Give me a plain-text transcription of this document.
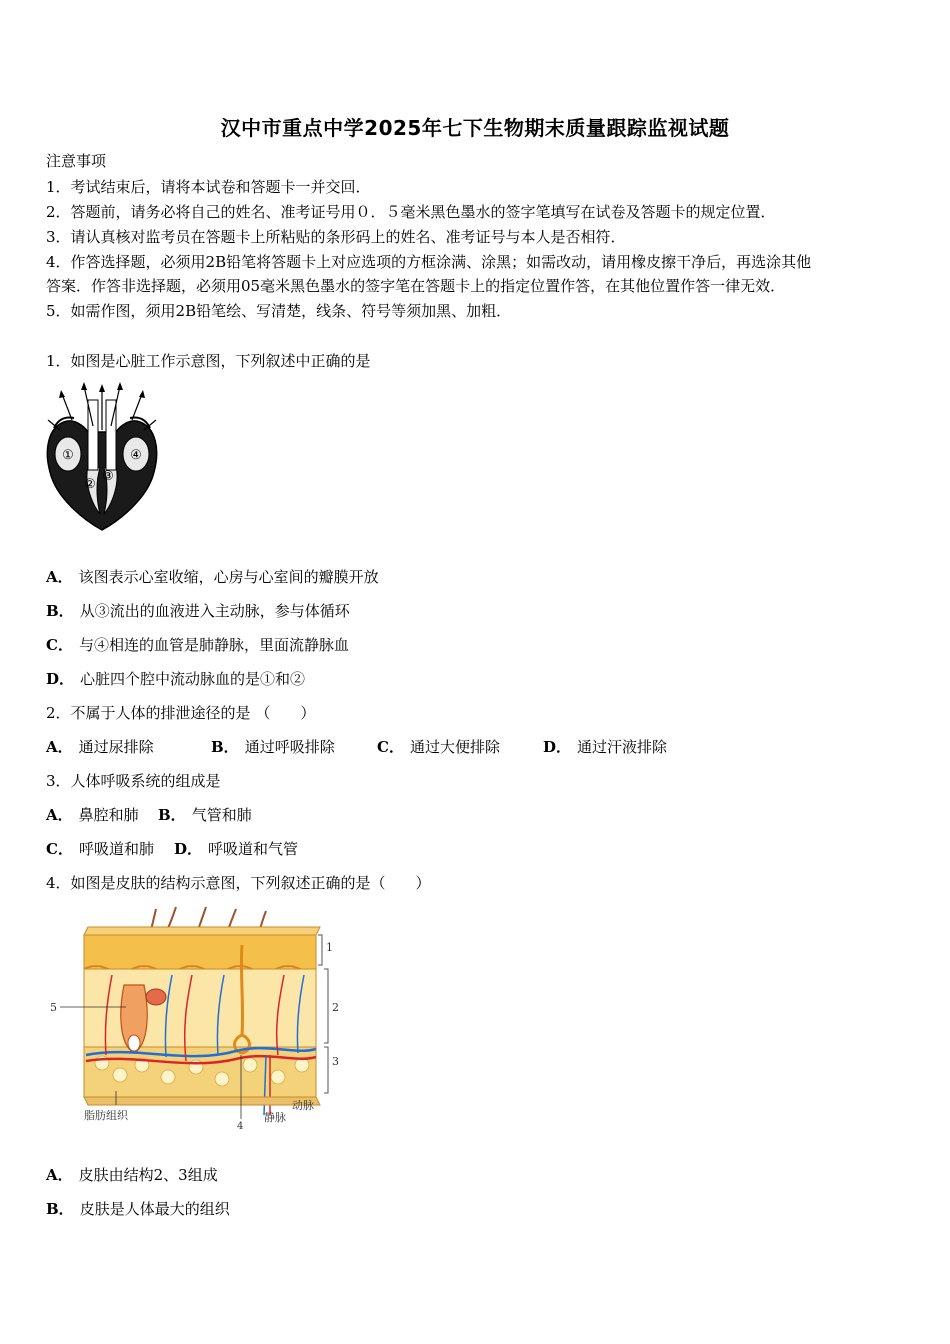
汉中市重点中学2025年七下生物期末质量跟踪监视试题
注意事项
1．考试结束后，请将本试卷和答题卡一并交回．
2．答题前，请务必将自己的姓名、准考证号用０．５毫米黑色墨水的签字笔填写在试卷及答题卡的规定位置．
3．请认真核对监考员在答题卡上所粘贴的条形码上的姓名、准考证号与本人是否相符．
4．作答选择题，必须用2B铅笔将答题卡上对应选项的方框涂满、涂黑；如需改动，请用橡皮擦干净后，再选涂其他
答案．作答非选择题，必须用05毫米黑色墨水的签字笔在答题卡上的指定位置作答，在其他位置作答一律无效．
5．如需作图，须用2B铅笔绘、写清楚，线条、符号等须加黑、加粗．
1．如图是心脏工作示意图，下列叙述中正确的是
①
②
③
④
A． 该图表示心室收缩，心房与心室间的瓣膜开放
B． 从③流出的血液进入主动脉，参与体循环
C． 与④相连的血管是肺静脉，里面流静脉血
D． 心脏四个腔中流动脉血的是①和②
2．不属于人体的排泄途径的是 （　　）
A． 通过尿排除	B． 通过呼吸排除	C． 通过大便排除	D． 通过汗液排除
3．人体呼吸系统的组成是
A． 鼻腔和肺 B． 气管和肺
C． 呼吸道和肺 D． 呼吸道和气管
4．如图是皮肤的结构示意图，下列叙述正确的是（　　）
1
2
3
5
脂肪组织
4
静脉
动脉
A． 皮肤由结构2、3组成
B． 皮肤是人体最大的组织
